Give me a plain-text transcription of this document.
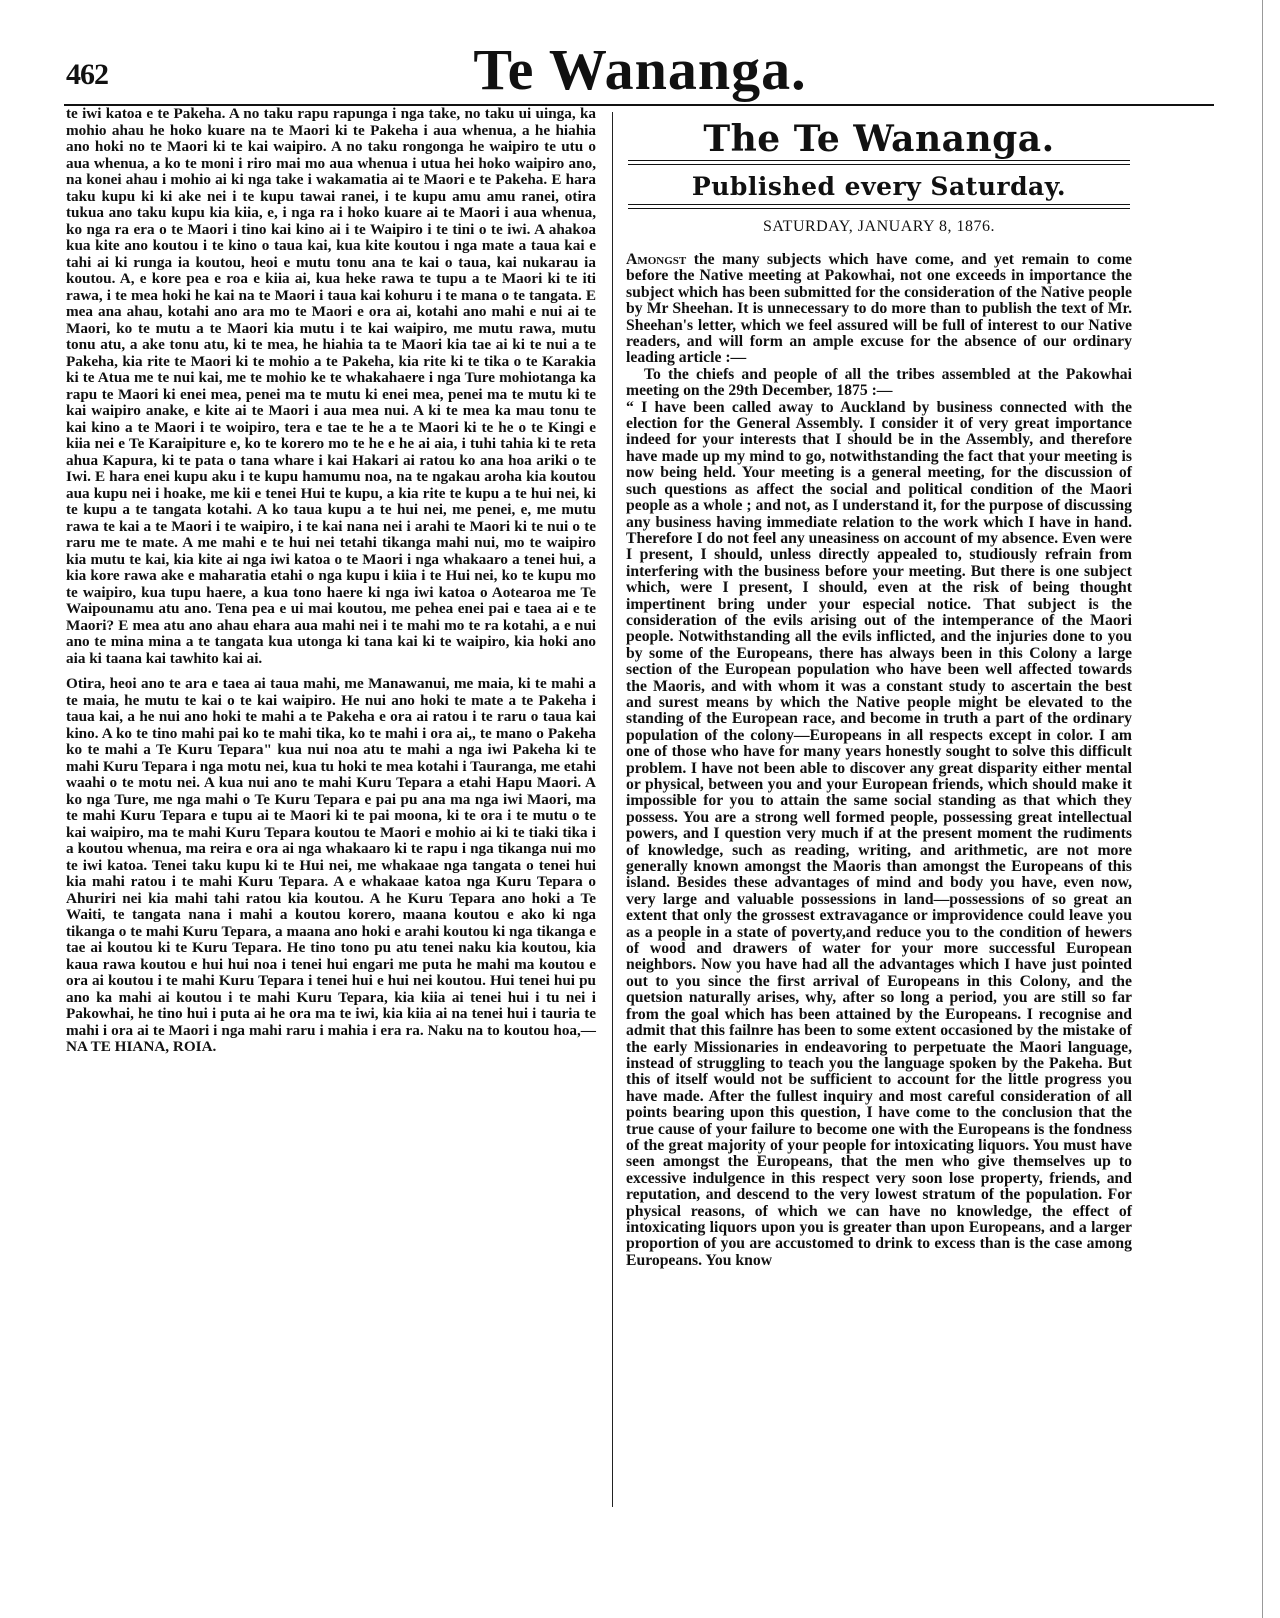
462	Te Wananga.

te iwi katoa e te Pakeha. A no taku rapu rapunga i nga take, no taku ui uinga, ka mohio ahau he hoko kuare na te Maori ki te Pakeha i aua whenua, a he hiahia ano hoki no te Maori ki te kai waipiro. A no taku rongonga he waipiro te utu o aua whenua, a ko te moni i riro mai mo aua whenua i utua hei hoko waipiro ano, na konei ahau i mohio ai ki nga take i wakamatia ai te Maori e te Pakeha. E hara taku kupu ki ki ake nei i te kupu tawai ranei, i te kupu amu amu ranei, otira tukua ano taku kupu kia kiia, e, i nga ra i hoko kuare ai te Maori i aua whenua, ko nga ra era o te Maori i tino kai kino ai i te Waipiro i te tini o te iwi. A ahakoa kua kite ano koutou i te kino o taua kai, kua kite koutou i nga mate a taua kai e tahi ai ki runga ia koutou, heoi e mutu tonu ana te kai o taua, kai nukarau ia koutou. A, e kore pea e roa e kiia ai, kua heke rawa te tupu a te Maori ki te iti rawa, i te mea hoki he kai na te Maori i taua kai kohuru i te mana o te tangata. E mea ana ahau, kotahi ano ara mo te Maori e ora ai, kotahi ano mahi e nui ai te Maori, ko te mutu a te Maori kia mutu i te kai waipiro, me mutu rawa, mutu tonu atu, a ake tonu atu, ki te mea, he hiahia ta te Maori kia tae ai ki te nui a te Pakeha, kia rite te Maori ki te mohio a te Pakeha, kia rite ki te tika o te Karakia ki te Atua me te nui kai, me te mohio ke te whakahaere i nga Ture mohiotanga ka rapu te Maori ki enei mea, penei ma te mutu ki enei mea, penei ma te mutu ki te kai waipiro anake, e kite ai te Maori i aua mea nui. A ki te mea ka mau tonu te kai kino a te Maori i te woipiro, tera e tae te he a te Maori ki te he o te Kingi e kiia nei e Te Karaipiture e, ko te korero mo te he e he ai aia, i tuhi tahia ki te reta ahua Kapura, ki te pata o tana whare i kai Hakari ai ratou ko ana hoa ariki o te Iwi. E hara enei kupu aku i te kupu hamumu noa, na te ngakau aroha kia koutou aua kupu nei i hoake, me kii e tenei Hui te kupu, a kia rite te kupu a te hui nei, ki te kupu a te tangata kotahi. A ko taua kupu a te hui nei, me penei, e, me mutu rawa te kai a te Maori i te waipiro, i te kai nana nei i arahi te Maori ki te nui o te raru me te mate. A me mahi e te hui nei tetahi tikanga mahi nui, mo te waipiro kia mutu te kai, kia kite ai nga iwi katoa o te Maori i nga whakaaro a tenei hui, a kia kore rawa ake e maharatia etahi o nga kupu i kiia i te Hui nei, ko te kupu mo te waipiro, kua tupu haere, a kua tono haere ki nga iwi katoa o Aotearoa me Te Waipounamu atu ano. Tena pea e ui mai koutou, me pehea enei pai e taea ai e te Maori? E mea atu ano ahau ehara aua mahi nei i te mahi mo te ra kotahi, a e nui ano te mina mina a te tangata kua utonga ki tana kai ki te waipiro, kia hoki ano aia ki taana kai tawhito kai ai.

Otira, heoi ano te ara e taea ai taua mahi, me Manawanui, me maia, ki te mahi a te maia, he mutu te kai o te kai waipiro. He nui ano hoki te mate a te Pakeha i taua kai, a he nui ano hoki te mahi a te Pakeha e ora ai ratou i te raru o taua kai kino. A ko te tino mahi pai ko te mahi tika, ko te mahi i ora ai,, te mano o Pakeha ko te mahi a Te Kuru Tepara" kua nui noa atu te mahi a nga iwi Pakeha ki te mahi Kuru Tepara i nga motu nei, kua tu hoki te mea kotahi i Tauranga, me etahi waahi o te motu nei. A kua nui ano te mahi Kuru Tepara a etahi Hapu Maori. A ko nga Ture, me nga mahi o Te Kuru Tepara e pai pu ana ma nga iwi Maori, ma te mahi Kuru Tepara e tupu ai te Maori ki te pai moona, ki te ora i te mutu o te kai waipiro, ma te mahi Kuru Tepara koutou te Maori e mohio ai ki te tiaki tika i a koutou whenua, ma reira e ora ai nga whakaaro ki te rapu i nga tikanga nui mo te iwi katoa. Tenei taku kupu ki te Hui nei, me whakaae nga tangata o tenei hui kia mahi ratou i te mahi Kuru Tepara. A e whakaae katoa nga Kuru Tepara o Ahuriri nei kia mahi tahi ratou kia koutou. A he Kuru Tepara ano hoki a Te Waiti, te tangata nana i mahi a koutou korero, maana koutou e ako ki nga tikanga o te mahi Kuru Tepara, a maana ano hoki e arahi koutou ki nga tikanga e tae ai koutou ki te Kuru Tepara. He tino tono pu atu tenei naku kia koutou, kia kaua rawa koutou e hui hui noa i tenei hui engari me puta he mahi ma koutou e ora ai koutou i te mahi Kuru Tepara i tenei hui e hui nei koutou. Hui tenei hui pu ano ka mahi ai koutou i te mahi Kuru Tepara, kia kiia ai tenei hui i tu nei i Pakowhai, he tino hui i puta ai he ora ma te iwi, kia kiia ai na tenei hui i tauria te mahi i ora ai te Maori i nga mahi raru i mahia i era ra. Naku na to koutou hoa,—NA TE HIANA, ROIA.

The Te Wananga.
Published every Saturday.
SATURDAY, JANUARY 8, 1876.

Amongst the many subjects which have come, and yet remain to come before the Native meeting at Pakowhai, not one exceeds in importance the subject which has been submitted for the consideration of the Native people by Mr Sheehan. It is unnecessary to do more than to publish the text of Mr. Sheehan's letter, which we feel assured will be full of interest to our Native readers, and will form an ample excuse for the absence of our ordinary leading article :—

To the chiefs and people of all the tribes assembled at the Pakowhai meeting on the 29th December, 1875 :—

“ I have been called away to Auckland by business connected with the election for the General Assembly. I consider it of very great importance indeed for your interests that I should be in the Assembly, and therefore have made up my mind to go, notwithstanding the fact that your meeting is now being held. Your meeting is a general meeting, for the discussion of such questions as affect the social and political condition of the Maori people as a whole ; and not, as I understand it, for the purpose of discussing any business having immediate relation to the work which I have in hand. Therefore I do not feel any uneasiness on account of my absence. Even were I present, I should, unless directly appealed to, studiously refrain from interfering with the business before your meeting. But there is one subject which, were I present, I should, even at the risk of being thought impertinent bring under your especial notice. That subject is the consideration of the evils arising out of the intemperance of the Maori people. Notwithstanding all the evils inflicted, and the injuries done to you by some of the Europeans, there has always been in this Colony a large section of the European population who have been well affected towards the Maoris, and with whom it was a constant study to ascertain the best and surest means by which the Native people might be elevated to the standing of the European race, and become in truth a part of the ordinary population of the colony—Europeans in all respects except in color. I am one of those who have for many years honestly sought to solve this difficult problem. I have not been able to discover any great disparity either mental or physical, between you and your European friends, which should make it impossible for you to attain the same social standing as that which they possess. You are a strong well formed people, possessing great intellectual powers, and I question very much if at the present moment the rudiments of knowledge, such as reading, writing, and arithmetic, are not more generally known amongst the Maoris than amongst the Europeans of this island. Besides these advantages of mind and body you have, even now, very large and valuable possessions in land—possessions of so great an extent that only the grossest extravagance or improvidence could leave you as a people in a state of poverty,and reduce you to the condition of hewers of wood and drawers of water for your more successful European neighbors. Now you have had all the advantages which I have just pointed out to you since the first arrival of Europeans in this Colony, and the quetsion naturally arises, why, after so long a period, you are still so far from the goal which has been attained by the Europeans. I recognise and admit that this failnre has been to some extent occasioned by the mistake of the early Missionaries in endeavoring to perpetuate the Maori language, instead of struggling to teach you the language spoken by the Pakeha. But this of itself would not be sufficient to account for the little progress you have made. After the fullest inquiry and most careful consideration of all points bearing upon this question, I have come to the conclusion that the true cause of your failure to become one with the Europeans is the fondness of the great majority of your people for intoxicating liquors. You must have seen amongst the Europeans, that the men who give themselves up to excessive indulgence in this respect very soon lose property, friends, and reputation, and descend to the very lowest stratum of the population. For physical reasons, of which we can have no knowledge, the effect of intoxicating liquors upon you is greater than upon Europeans, and a larger proportion of you are accustomed to drink to excess than is the case among Europeans. You know
